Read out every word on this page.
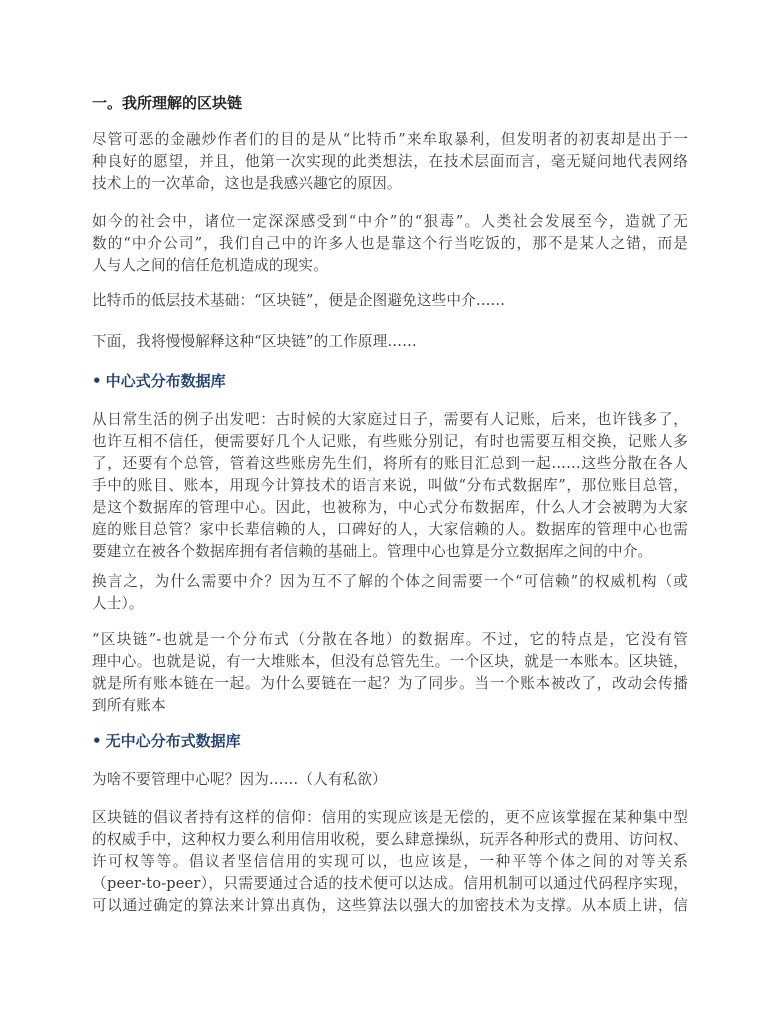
一。我所理解的区块链
尽管可恶的金融炒作者们的目的是从“比特币”来牟取暴利，但发明者的初衷却是出于一
种良好的愿望，并且，他第一次实现的此类想法，在技术层面而言，毫无疑问地代表网络
技术上的一次革命，这也是我感兴趣它的原因。
如今的社会中，诸位一定深深感受到“中介”的“狠毒”。人类社会发展至今，造就了无
数的“中介公司”，我们自己中的许多人也是靠这个行当吃饭的，那不是某人之错，而是
人与人之间的信任危机造成的现实。
比特币的低层技术基础：“区块链”，便是企图避免这些中介……
下面，我将慢慢解释这种“区块链”的工作原理……
• 中心式分布数据库
从日常生活的例子出发吧：古时候的大家庭过日子，需要有人记账，后来，也许钱多了，
也许互相不信任，便需要好几个人记账，有些账分别记，有时也需要互相交换，记账人多
了，还要有个总管，管着这些账房先生们，将所有的账目汇总到一起……这些分散在各人
手中的账目、账本，用现今计算技术的语言来说，叫做“分布式数据库”，那位账目总管，
是这个数据库的管理中心。因此，也被称为，中心式分布数据库，什么人才会被聘为大家
庭的账目总管？家中长辈信赖的人，口碑好的人，大家信赖的人。数据库的管理中心也需
要建立在被各个数据库拥有者信赖的基础上。管理中心也算是分立数据库之间的中介。
换言之，为什么需要中介？因为互不了解的个体之间需要一个“可信赖”的权威机构（或
人士）。
“区块链”-也就是一个分布式（分散在各地）的数据库。不过，它的特点是，它没有管
理中心。也就是说，有一大堆账本，但没有总管先生。一个区块，就是一本账本。区块链，
就是所有账本链在一起。为什么要链在一起？为了同步。当一个账本被改了，改动会传播
到所有账本
• 无中心分布式数据库
为啥不要管理中心呢？因为……（人有私欲）
区块链的倡议者持有这样的信仰：信用的实现应该是无偿的，更不应该掌握在某种集中型
的权威手中，这种权力要么利用信用收税，要么肆意操纵，玩弄各种形式的费用、访问权、
许可权等等。倡议者坚信信用的实现可以，也应该是，一种平等个体之间的对等关系
（peer-to-peer），只需要通过合适的技术便可以达成。信用机制可以通过代码程序实现，
可以通过确定的算法来计算出真伪，这些算法以强大的加密技术为支撑。从本质上讲，信
